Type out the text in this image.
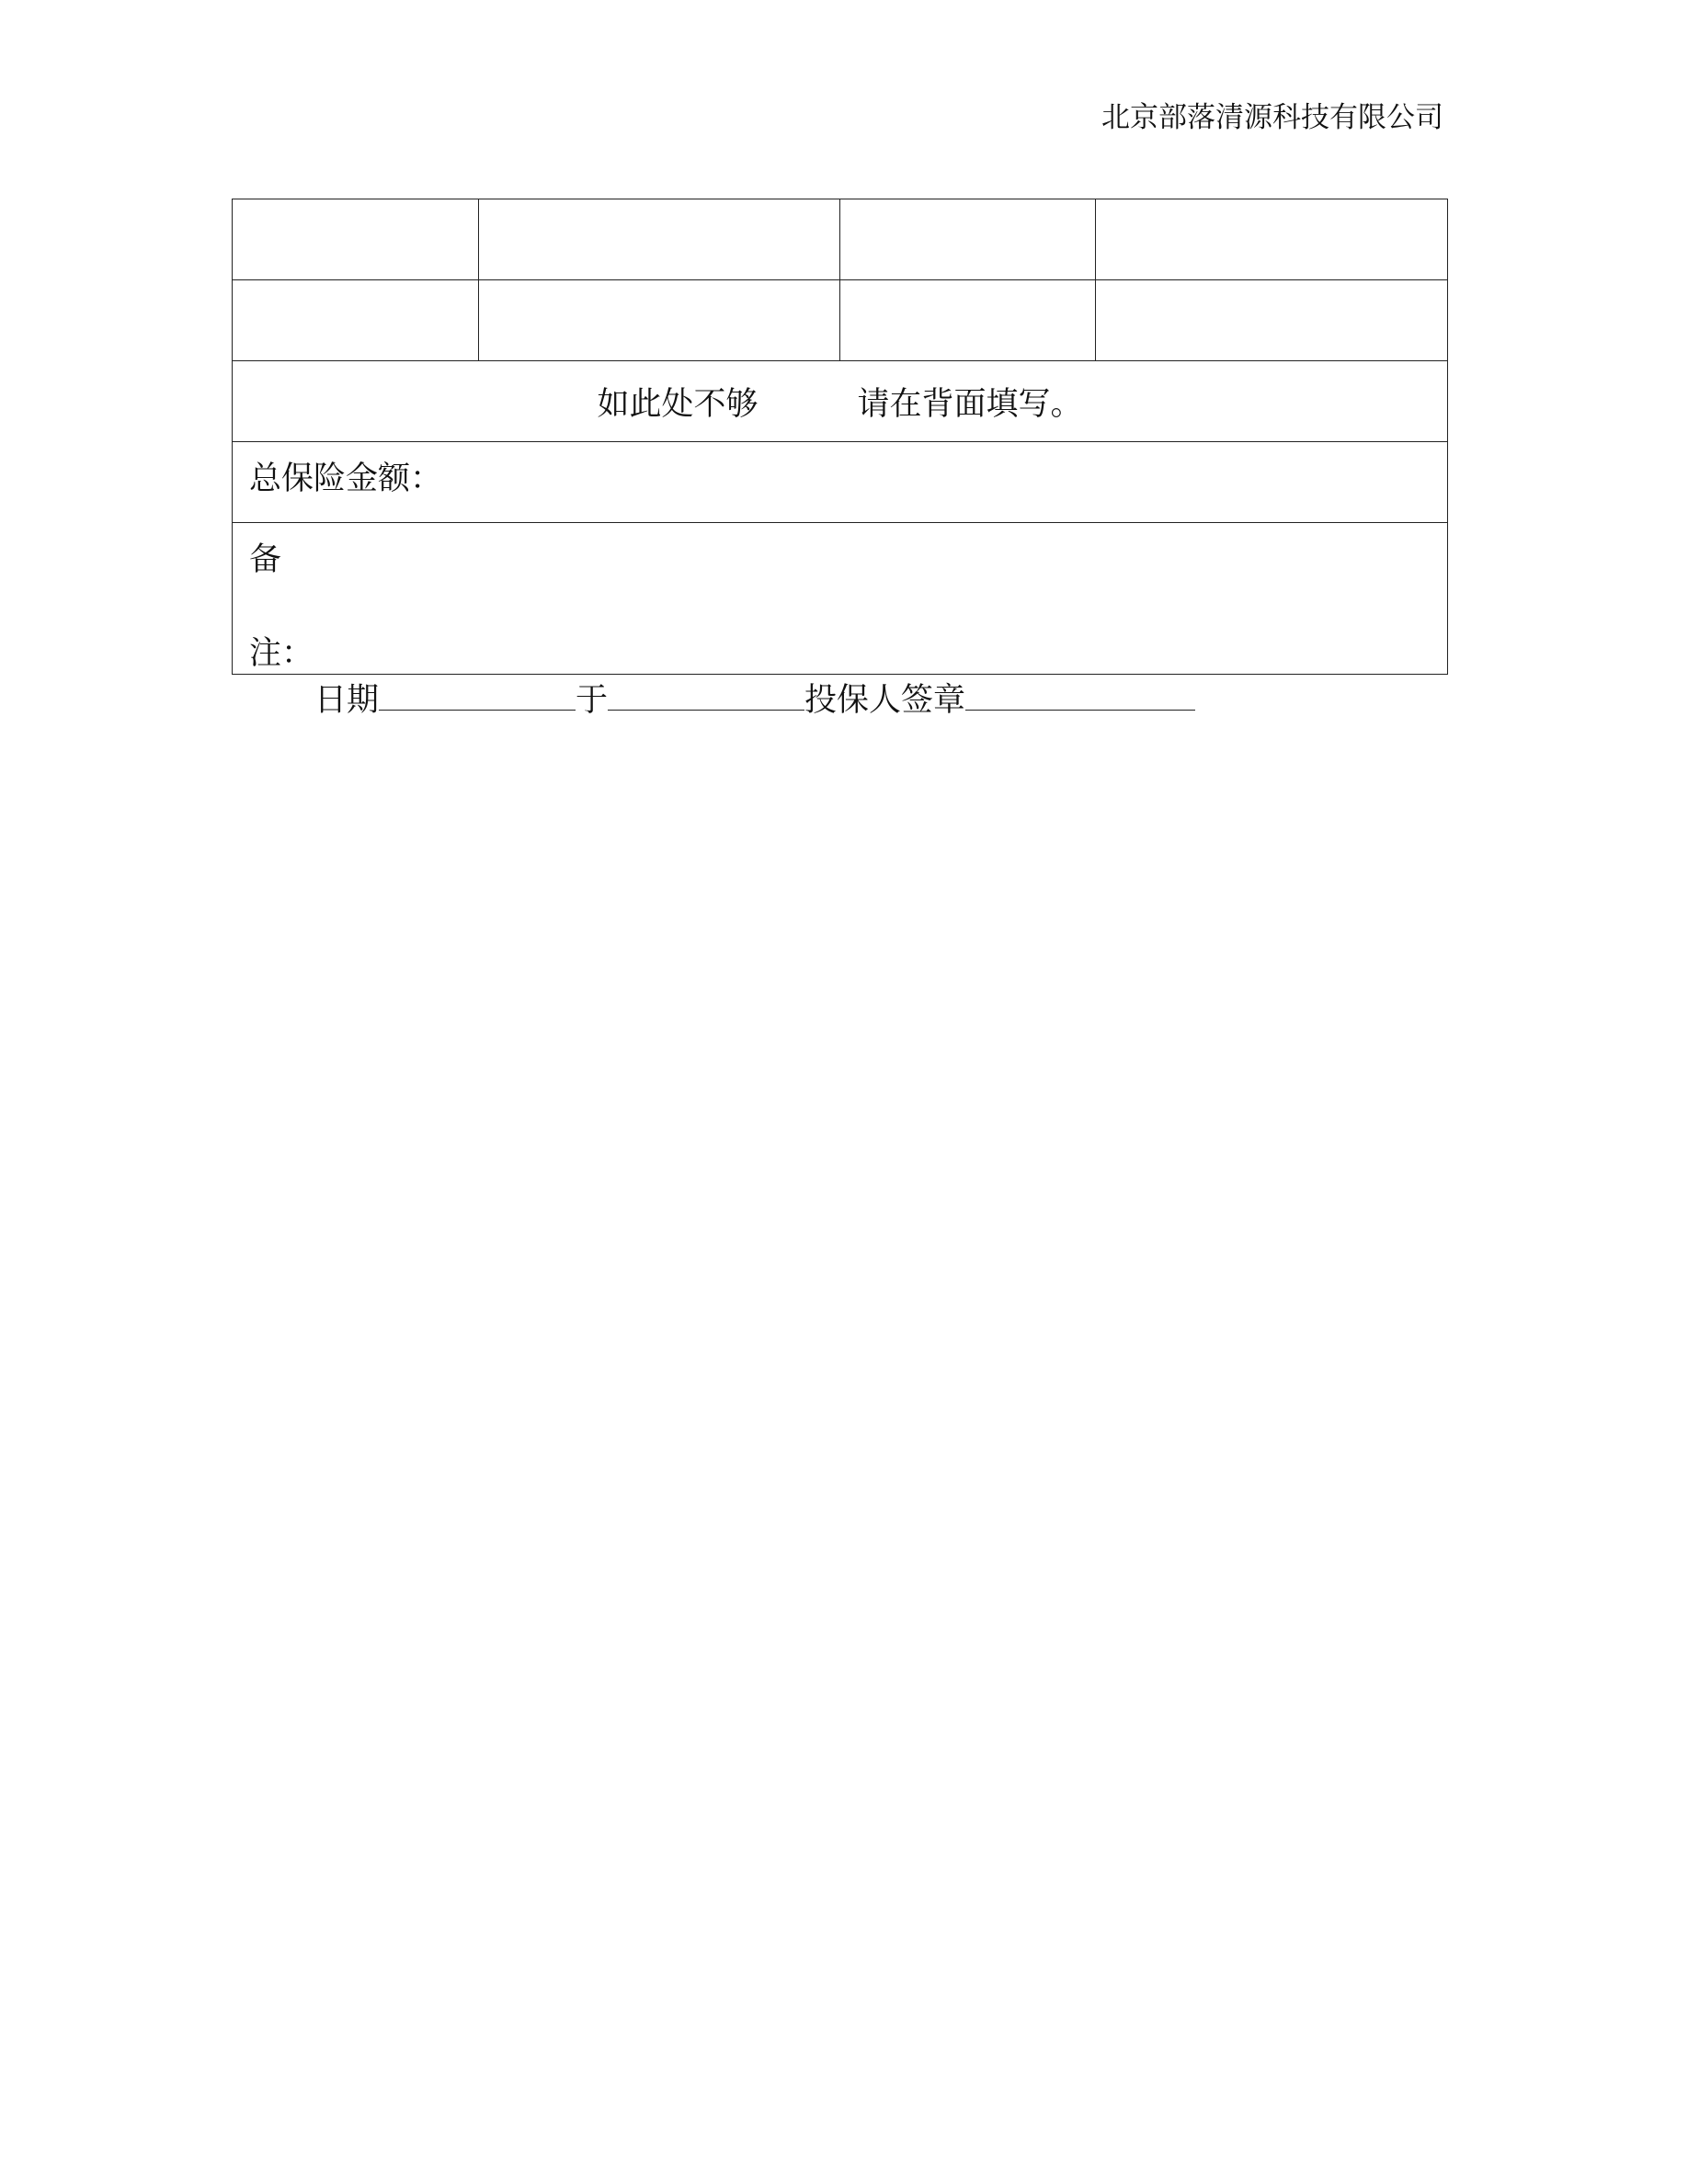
北京部落清源科技有限公司

如此处不够 请在背面填写。			

总保险金额：			

备
注：			
日期	于	投保人签章
